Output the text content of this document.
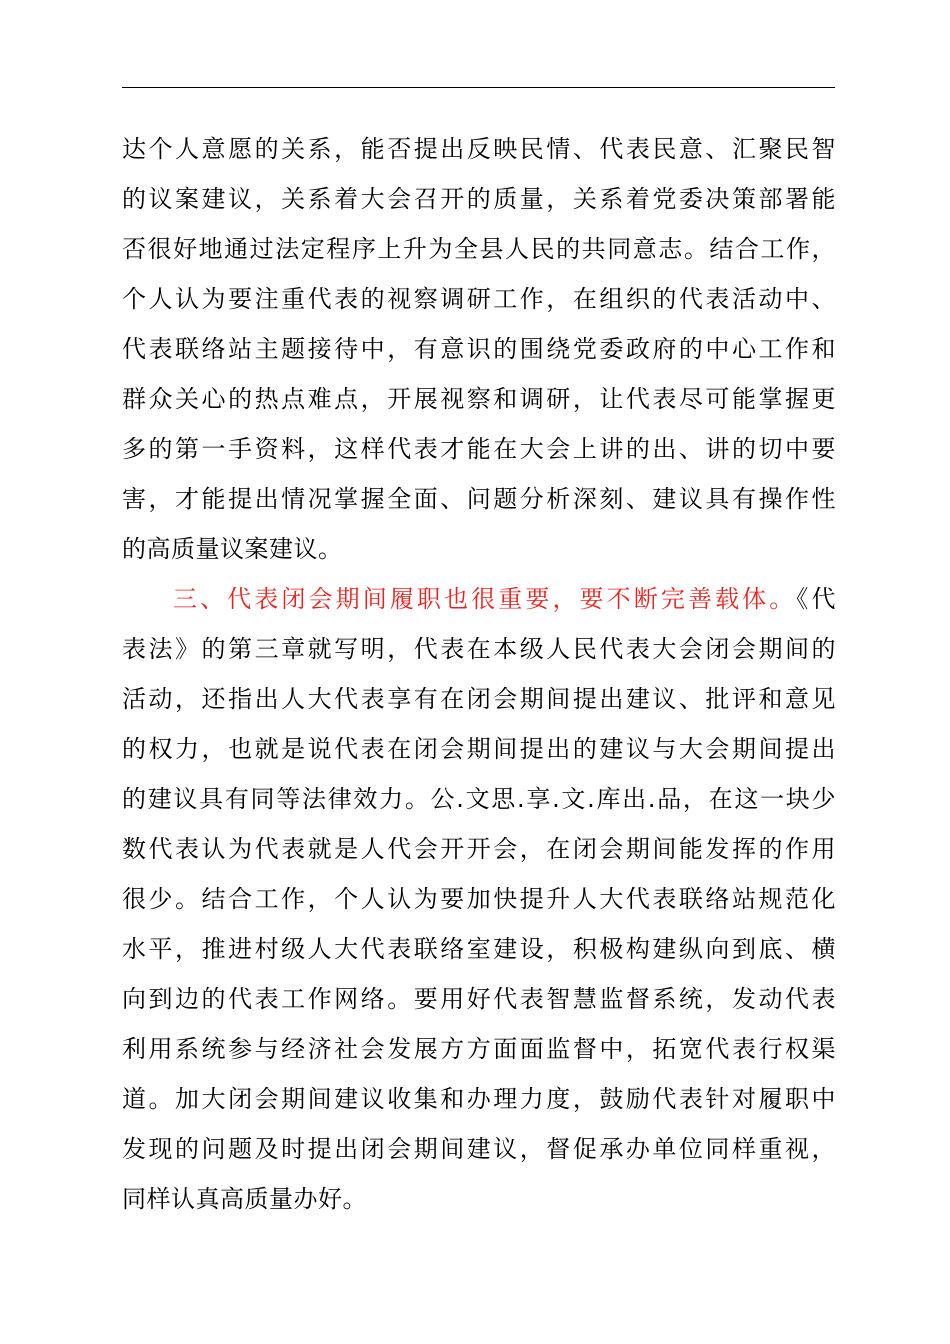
达个人意愿的关系，能否提出反映民情、代表民意、汇聚民智
的议案建议，关系着大会召开的质量，关系着党委决策部署能
否很好地通过法定程序上升为全县人民的共同意志。结合工作，
个人认为要注重代表的视察调研工作，在组织的代表活动中、
代表联络站主题接待中，有意识的围绕党委政府的中心工作和
群众关心的热点难点，开展视察和调研，让代表尽可能掌握更
多的第一手资料，这样代表才能在大会上讲的出、讲的切中要
害，才能提出情况掌握全面、问题分析深刻、建议具有操作性
的高质量议案建议。
三、代表闭会期间履职也很重要，要不断完善载体。《代
表法》的第三章就写明，代表在本级人民代表大会闭会期间的
活动，还指出人大代表享有在闭会期间提出建议、批评和意见
的权力，也就是说代表在闭会期间提出的建议与大会期间提出
的建议具有同等法律效力。公.文思.享.文.库出.品，在这一块少
数代表认为代表就是人代会开开会，在闭会期间能发挥的作用
很少。结合工作，个人认为要加快提升人大代表联络站规范化
水平，推进村级人大代表联络室建设，积极构建纵向到底、横
向到边的代表工作网络。要用好代表智慧监督系统，发动代表
利用系统参与经济社会发展方方面面监督中，拓宽代表行权渠
道。加大闭会期间建议收集和办理力度，鼓励代表针对履职中
发现的问题及时提出闭会期间建议，督促承办单位同样重视，
同样认真高质量办好。
